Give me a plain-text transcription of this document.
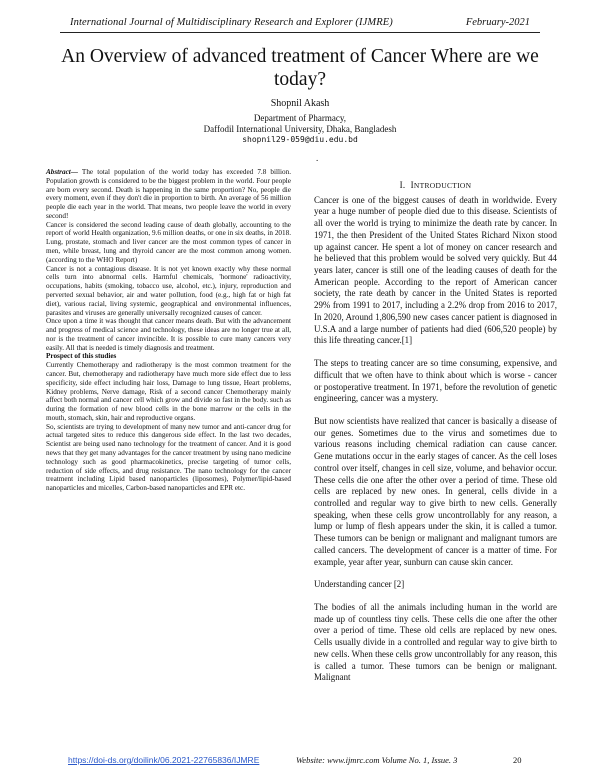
International Journal of Multidisciplinary Research and Explorer (IJMRE)	February-2021
An Overview of advanced treatment of Cancer Where are we today?
Shopnil Akash
Department of Pharmacy,
Daffodil International University, Dhaka, Bangladesh
shopnil29-059@diu.edu.bd
.

Abstract— The total population of the world today has exceeded 7.8 billion. Population growth is considered to be the biggest problem in the world. Four people are born every second. Death is happening in the same proportion? No, people die every moment, even if they don't die in proportion to birth. An average of 56 million people die each year in the world. That means, two people leave the world in every second!

Cancer is considered the second leading cause of death globally, accounting to the report of world Health organization, 9.6 million deaths, or one in six deaths, in 2018. Lung, prostate, stomach and liver cancer are the most common types of cancer in men, while breast, lung and thyroid cancer are the most common among women. (according to the WHO Report)

Cancer is not a contagious disease. It is not yet known exactly why these normal cells turn into abnormal cells. Harmful chemicals, 'hormone' radioactivity, occupations, habits (smoking, tobacco use, alcohol, etc.), injury, reproduction and perverted sexual behavior, air and water pollution, food (e.g., high fat or high fat diet), various racial, living systemic, geographical and environmental influences, parasites and viruses are generally universally recognized causes of cancer.

Once upon a time it was thought that cancer means death. But with the advancement and progress of medical science and technology, these ideas are no longer true at all, nor is the treatment of cancer invincible. It is possible to cure many cancers very easily. All that is needed is timely diagnosis and treatment.

Prospect of this studies

Currently Chemotherapy and radiotherapy is the most common treatment for the cancer. But, chemotherapy and radiotherapy have much more side effect due to less specificity, side effect including hair loss, Damage to lung tissue, Heart problems, Kidney problems, Nerve damage, Risk of a second cancer Chemotherapy mainly affect both normal and cancer cell which grow and divide so fast in the body. such as during the formation of new blood cells in the bone marrow or the cells in the mouth, stomach, skin, hair and reproductive organs.

So, scientists are trying to development of many new tumor and anti-cancer drug for actual targeted sites to reduce this dangerous side effect. In the last two decades, Scientist are being used nano technology for the treatment of cancer. And it is good news that they get many advantages for the cancer treatment by using nano medicine technology such as good pharmacokinetics, precise targeting of tumor cells, reduction of side effects, and drug resistance. The nano technology for the cancer treatment including Lipid based nanoparticles (liposomes), Polymer/lipid-based nanoparticles and micelles, Carbon-based nanoparticles and EPR etc.

I. INTRODUCTION

Cancer is one of the biggest causes of death in worldwide. Every year a huge number of people died due to this disease. Scientists of all over the world is trying to minimize the death rate by cancer. In 1971, the then President of the United States Richard Nixon stood up against cancer. He spent a lot of money on cancer research and he believed that this problem would be solved very quickly. But 44 years later, cancer is still one of the leading causes of death for the American people. According to the report of American cancer society, the rate death by cancer in the United States is reported 29% from 1991 to 2017, including a 2.2% drop from 2016 to 2017, In 2020, Around 1,806,590 new cases cancer patient is diagnosed in U.S.A and a large number of patients had died (606,520 people) by this life threating cancer.[1]

The steps to treating cancer are so time consuming, expensive, and difficult that we often have to think about which is worse - cancer or postoperative treatment. In 1971, before the revolution of genetic engineering, cancer was a mystery.

But now scientists have realized that cancer is basically a disease of our genes. Sometimes due to the virus and sometimes due to various reasons including chemical radiation can cause cancer. Gene mutations occur in the early stages of cancer. As the cell loses control over itself, changes in cell size, volume, and behavior occur. These cells die one after the other over a period of time. These old cells are replaced by new ones. In general, cells divide in a controlled and regular way to give birth to new cells. Generally speaking, when these cells grow uncontrollably for any reason, a lump or lump of flesh appears under the skin, it is called a tumor. These tumors can be benign or malignant and malignant tumors are called cancers. The development of cancer is a matter of time. For example, year after year, sunburn can cause skin cancer.

Understanding cancer [2]

The bodies of all the animals including human in the world are made up of countless tiny cells. These cells die one after the other over a period of time. These old cells are replaced by new ones. Cells usually divide in a controlled and regular way to give birth to new cells. When these cells grow uncontrollably for any reason, this is called a tumor. These tumors can be benign or malignant. Malignant

https://doi-ds.org/doilink/06.2021-22765836/IJMRE	Website: www.ijmrc.com Volume No. 1, Issue. 3	20
